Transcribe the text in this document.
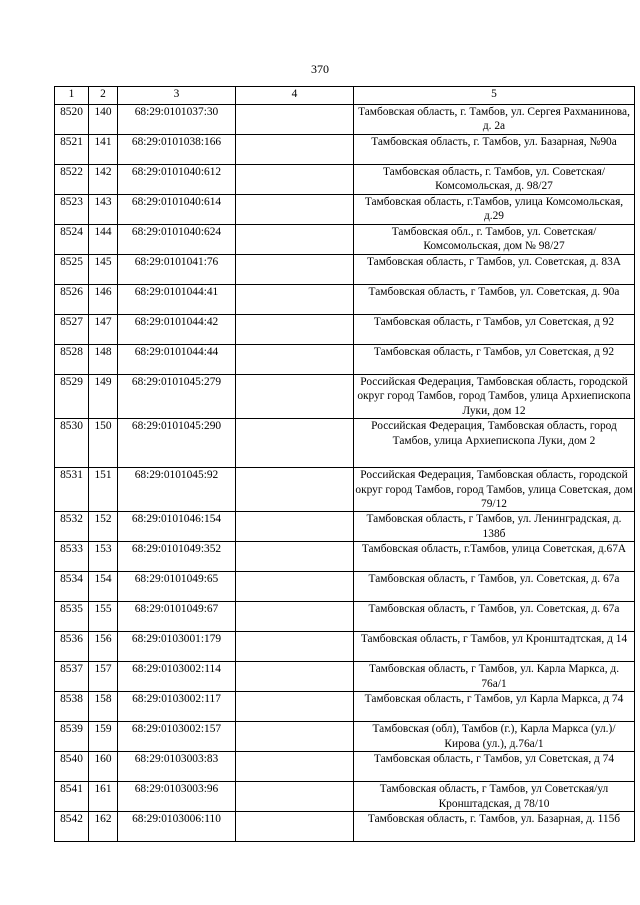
370
1	2	3	4	5
8520	140	68:29:0101037:30		Тамбовская область, г. Тамбов, ул. Сергея Рахманинова, д. 2а
8521	141	68:29:0101038:166		Тамбовская область, г. Тамбов, ул. Базарная, №90а
8522	142	68:29:0101040:612		Тамбовская область, г. Тамбов, ул. Советская/Комсомольская, д. 98/27
8523	143	68:29:0101040:614		Тамбовская область, г.Тамбов, улица Комсомольская, д.29
8524	144	68:29:0101040:624		Тамбовская обл., г. Тамбов, ул. Советская/Комсомольская, дом № 98/27
8525	145	68:29:0101041:76		Тамбовская область, г Тамбов, ул. Советская, д. 83А
8526	146	68:29:0101044:41		Тамбовская область, г Тамбов, ул. Советская, д. 90а
8527	147	68:29:0101044:42		Тамбовская область, г Тамбов, ул Советская, д 92
8528	148	68:29:0101044:44		Тамбовская область, г Тамбов, ул Советская, д 92
8529	149	68:29:0101045:279		Российская Федерация, Тамбовская область, городской округ город Тамбов, город Тамбов, улица Архиепископа Луки, дом 12
8530	150	68:29:0101045:290		Российская Федерация, Тамбовская область, город Тамбов, улица Архиепископа Луки, дом 2
8531	151	68:29:0101045:92		Российская Федерация, Тамбовская область, городской округ город Тамбов, город Тамбов, улица Советская, дом 79/12
8532	152	68:29:0101046:154		Тамбовская область, г Тамбов, ул. Ленинградская, д. 138б
8533	153	68:29:0101049:352		Тамбовская область, г.Тамбов, улица Советская, д.67А
8534	154	68:29:0101049:65		Тамбовская область, г Тамбов, ул. Советская, д. 67а
8535	155	68:29:0101049:67		Тамбовская область, г Тамбов, ул. Советская, д. 67а
8536	156	68:29:0103001:179		Тамбовская область, г Тамбов, ул Кронштадтская, д 14
8537	157	68:29:0103002:114		Тамбовская область, г Тамбов, ул. Карла Маркса, д. 76а/1
8538	158	68:29:0103002:117		Тамбовская область, г Тамбов, ул Карла Маркса, д 74
8539	159	68:29:0103002:157		Тамбовская (обл), Тамбов (г.), Карла Маркса (ул.)/Кирова (ул.), д.76а/1
8540	160	68:29:0103003:83		Тамбовская область, г Тамбов, ул Советская, д 74
8541	161	68:29:0103003:96		Тамбовская область, г Тамбов, ул Советская/ул Кронштадская, д 78/10
8542	162	68:29:0103006:110		Тамбовская область, г. Тамбов, ул. Базарная, д. 115б
